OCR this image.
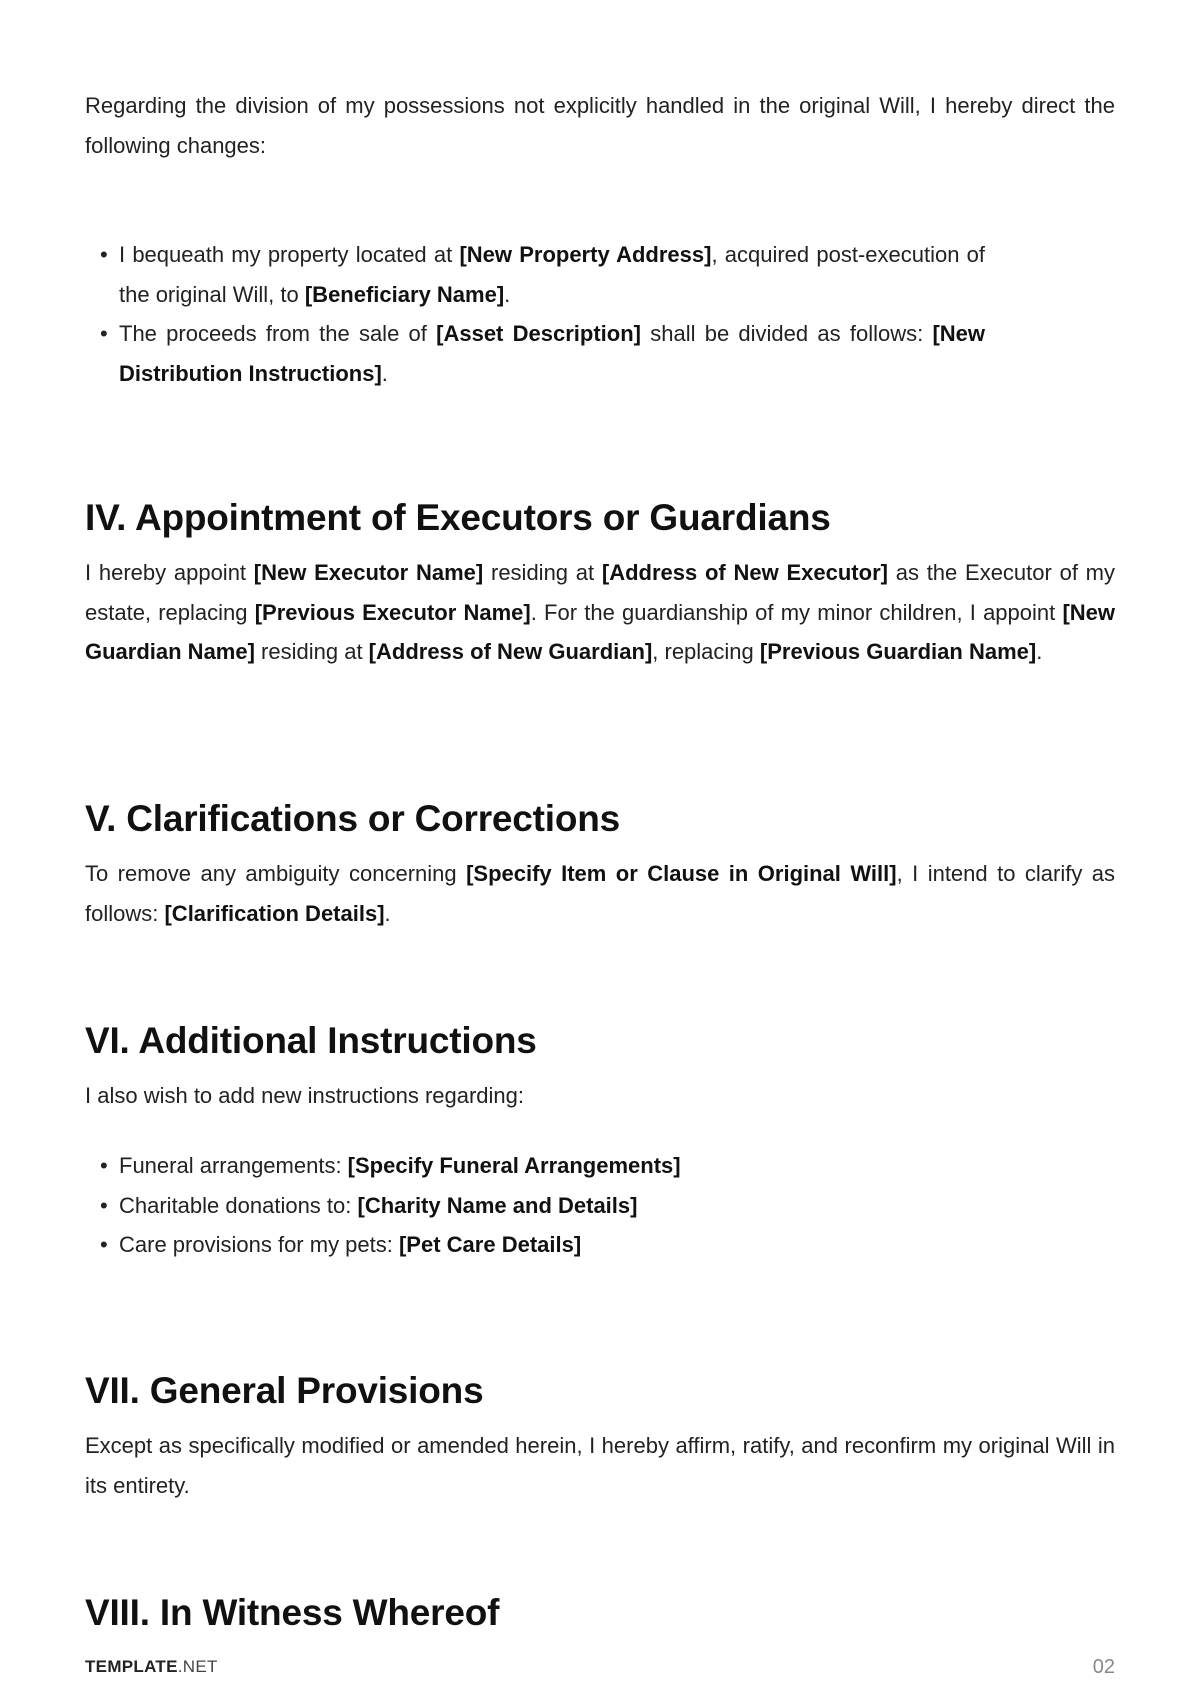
Regarding the division of my possessions not explicitly handled in the original Will, I hereby direct the following changes:

• I bequeath my property located at [New Property Address], acquired post-execution of the original Will, to [Beneficiary Name].
• The proceeds from the sale of [Asset Description] shall be divided as follows: [New Distribution Instructions].
IV. Appointment of Executors or Guardians

I hereby appoint [New Executor Name] residing at [Address of New Executor] as the Executor of my estate, replacing [Previous Executor Name]. For the guardianship of my minor children, I appoint [New Guardian Name] residing at [Address of New Guardian], replacing [Previous Guardian Name].

V. Clarifications or Corrections

To remove any ambiguity concerning [Specify Item or Clause in Original Will], I intend to clarify as follows: [Clarification Details].

VI. Additional Instructions

I also wish to add new instructions regarding:

• Funeral arrangements: [Specify Funeral Arrangements]
• Charitable donations to: [Charity Name and Details]
• Care provisions for my pets: [Pet Care Details]
VII. General Provisions

Except as specifically modified or amended herein, I hereby affirm, ratify, and reconfirm my original Will in its entirety.

VIII. In Witness Whereof
TEMPLATE.NET	02
